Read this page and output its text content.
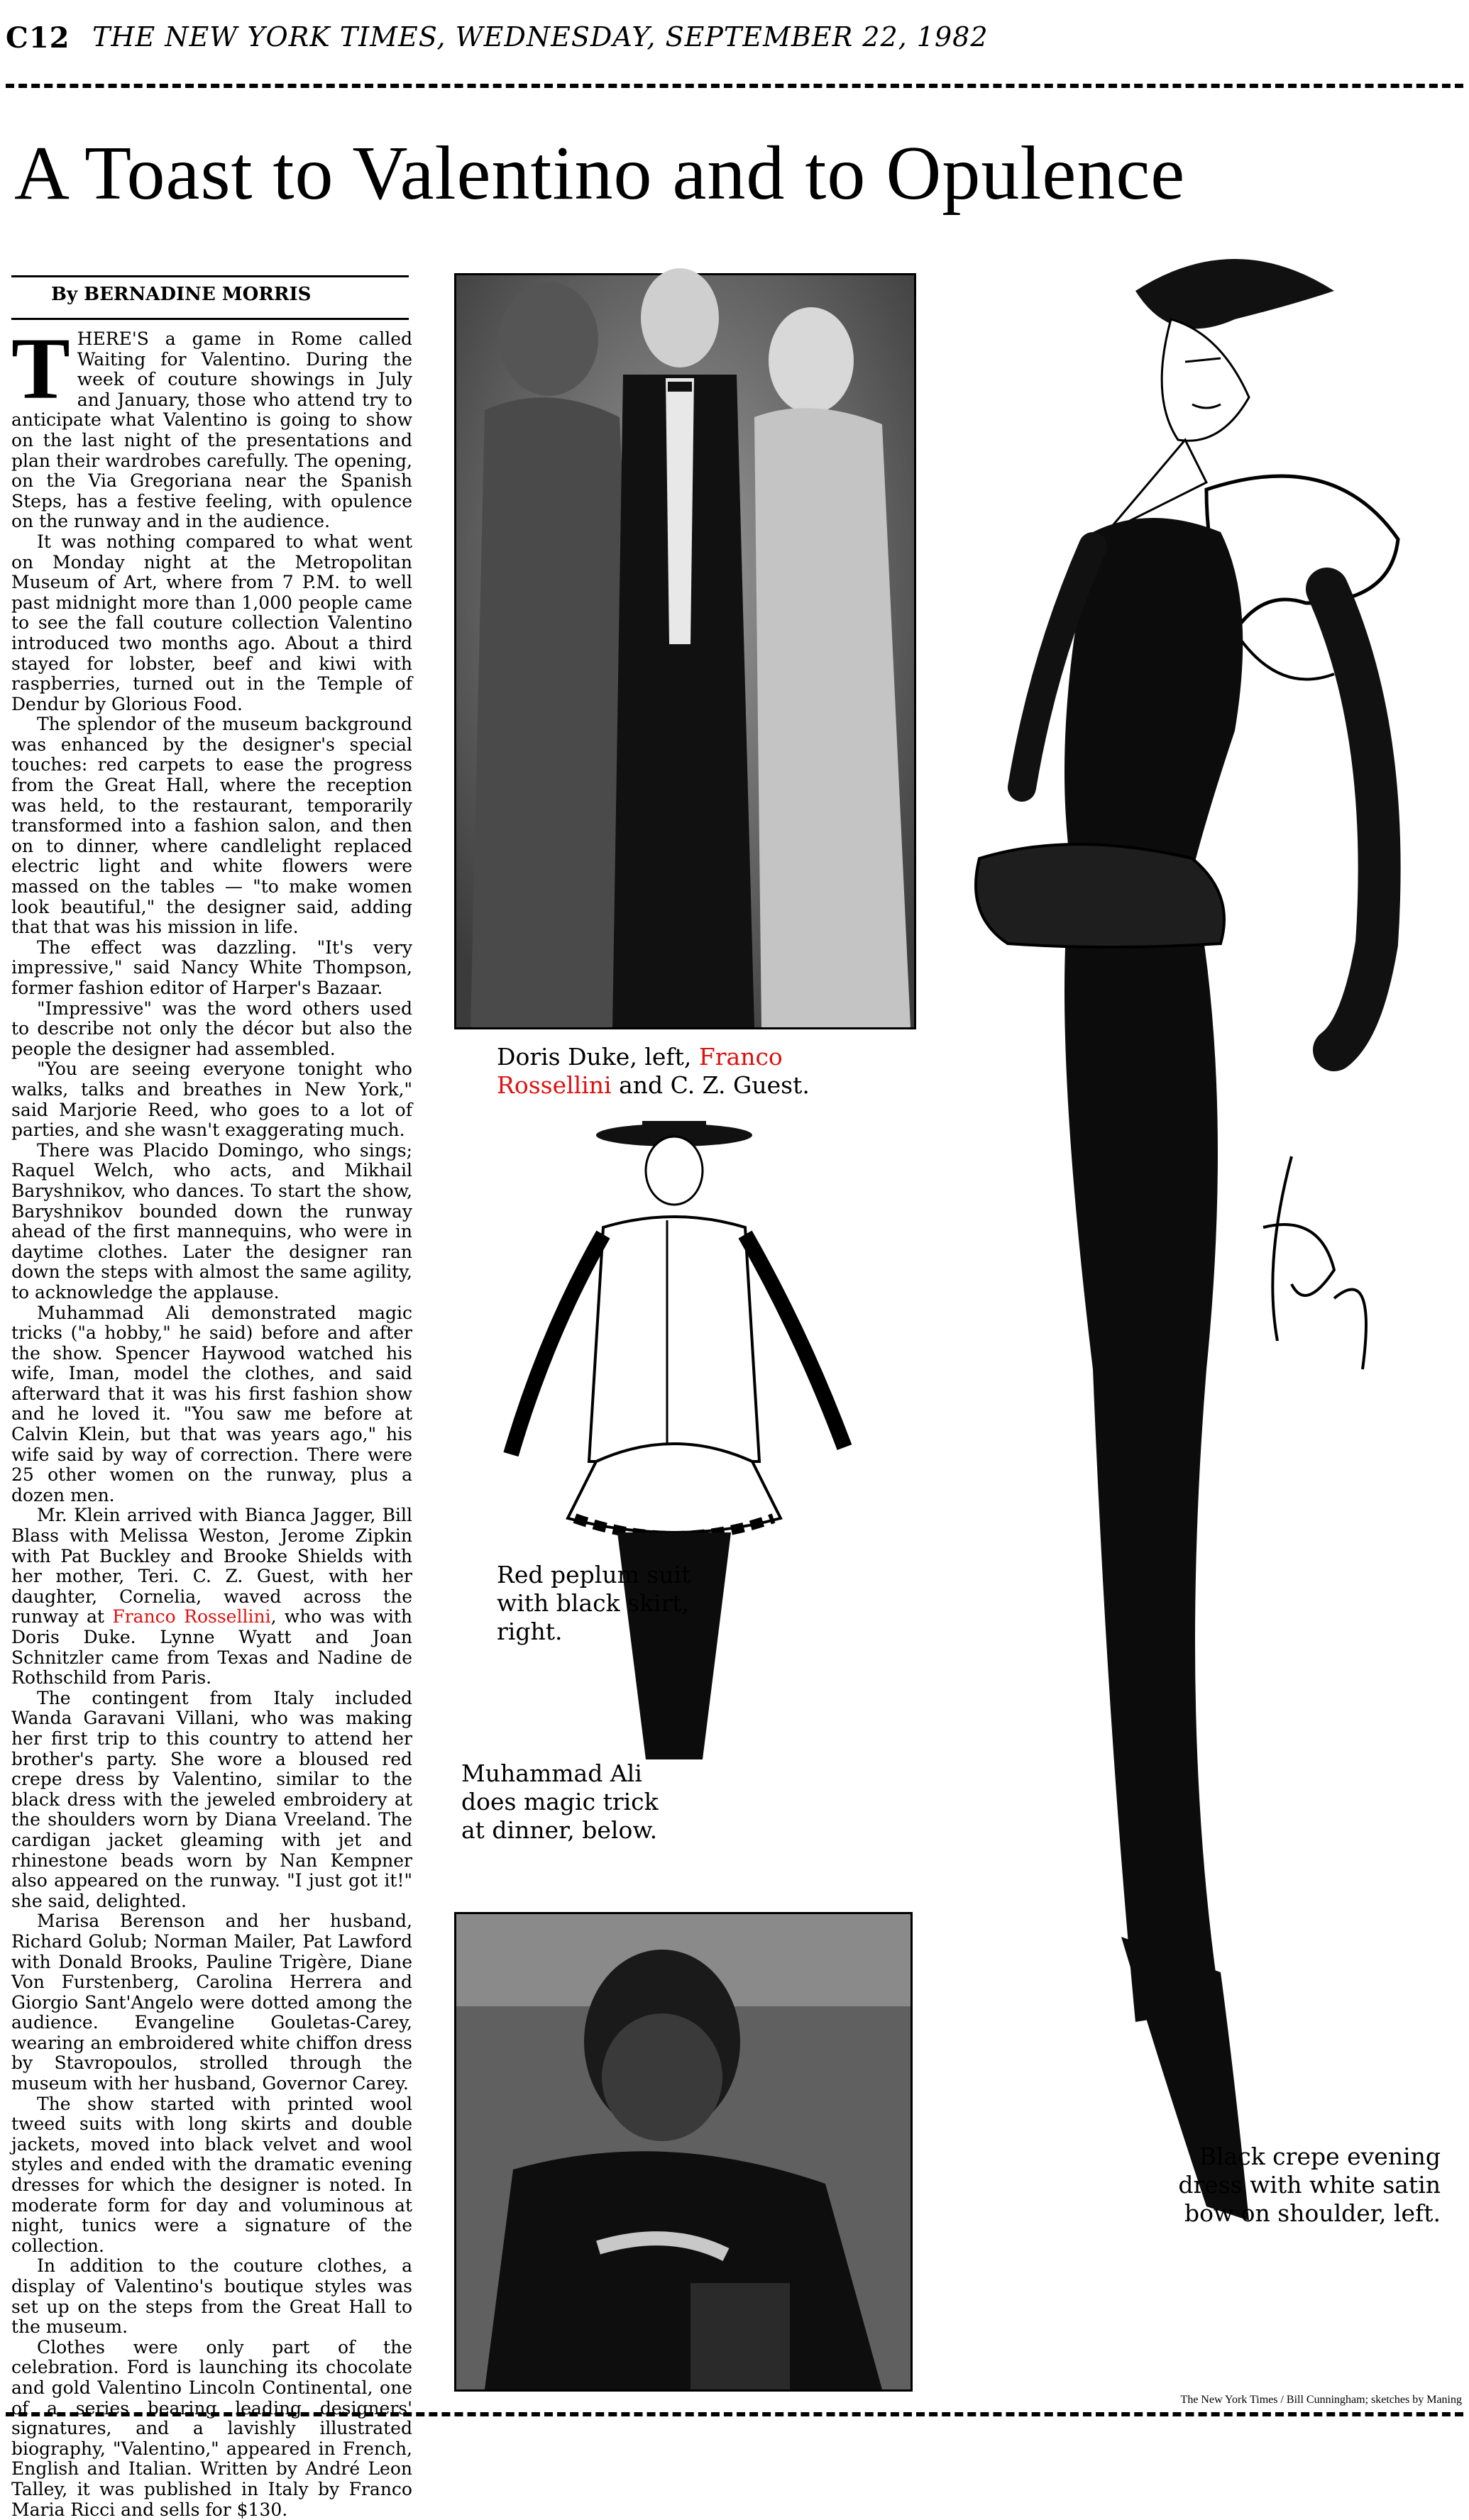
C12 THE NEW YORK TIMES, WEDNESDAY, SEPTEMBER 22, 1982
A Toast to Valentino and to Opulence
By BERNADINE MORRIS

THERE'S a game in Rome called Waiting for Valentino. During the week of couture showings in July and January, those who attend try to anticipate what Valentino is going to show on the last night of the presentations and plan their wardrobes carefully. The opening, on the Via Gregoriana near the Spanish Steps, has a festive feeling, with opulence on the runway and in the audience.

It was nothing compared to what went on Monday night at the Metropolitan Museum of Art, where from 7 P.M. to well past midnight more than 1,000 people came to see the fall couture collection Valentino introduced two months ago. About a third stayed for lobster, beef and kiwi with raspberries, turned out in the Temple of Dendur by Glorious Food.

The splendor of the museum background was enhanced by the designer's special touches: red carpets to ease the progress from the Great Hall, where the reception was held, to the restaurant, temporarily transformed into a fashion salon, and then on to dinner, where candlelight replaced electric light and white flowers were massed on the tables — "to make women look beautiful," the designer said, adding that that was his mission in life.

The effect was dazzling. "It's very impressive," said Nancy White Thompson, former fashion editor of Harper's Bazaar.

"Impressive" was the word others used to describe not only the décor but also the people the designer had assembled.

"You are seeing everyone tonight who walks, talks and breathes in New York," said Marjorie Reed, who goes to a lot of parties, and she wasn't exaggerating much.

There was Placido Domingo, who sings; Raquel Welch, who acts, and Mikhail Baryshnikov, who dances. To start the show, Baryshnikov bounded down the runway ahead of the first mannequins, who were in daytime clothes. Later the designer ran down the steps with almost the same agility, to acknowledge the applause.

Muhammad Ali demonstrated magic tricks ("a hobby," he said) before and after the show. Spencer Haywood watched his wife, Iman, model the clothes, and said afterward that it was his first fashion show and he loved it. "You saw me before at Calvin Klein, but that was years ago," his wife said by way of correction. There were 25 other women on the runway, plus a dozen men.

Mr. Klein arrived with Bianca Jagger, Bill Blass with Melissa Weston, Jerome Zipkin with Pat Buckley and Brooke Shields with her mother, Teri. C. Z. Guest, with her daughter, Cornelia, waved across the runway at Franco Rossellini, who was with Doris Duke. Lynne Wyatt and Joan Schnitzler came from Texas and Nadine de Rothschild from Paris.

The contingent from Italy included Wanda Garavani Villani, who was making her first trip to this country to attend her brother's party. She wore a bloused red crepe dress by Valentino, similar to the black dress with the jeweled embroidery at the shoulders worn by Diana Vreeland. The cardigan jacket gleaming with jet and rhinestone beads worn by Nan Kempner also appeared on the runway. "I just got it!" she said, delighted.

Marisa Berenson and her husband, Richard Golub; Norman Mailer, Pat Lawford with Donald Brooks, Pauline Trigère, Diane Von Furstenberg, Carolina Herrera and Giorgio Sant'Angelo were dotted among the audience. Evangeline Gouletas-Carey, wearing an embroidered white chiffon dress by Stavropoulos, strolled through the museum with her husband, Governor Carey.

The show started with printed wool tweed suits with long skirts and double jackets, moved into black velvet and wool styles and ended with the dramatic evening dresses for which the designer is noted. In moderate form for day and voluminous at night, tunics were a signature of the collection.

In addition to the couture clothes, a display of Valentino's boutique styles was set up on the steps from the Great Hall to the museum.

Clothes were only part of the celebration. Ford is launching its chocolate and gold Valentino Lincoln Continental, one of a series bearing leading designers' signatures, and a lavishly illustrated biography, "Valentino," appeared in French, English and Italian. Written by André Leon Talley, it was published in Italy by Franco Maria Ricci and sells for $130.

Doris Duke, left, Franco Rossellini and C. Z. Guest.
Red peplum suit with black skirt, right.
Muhammad Ali does magic trick at dinner, below.
Black crepe evening dress with white satin bow on shoulder, left.
The New York Times / Bill Cunningham; sketches by Maning
